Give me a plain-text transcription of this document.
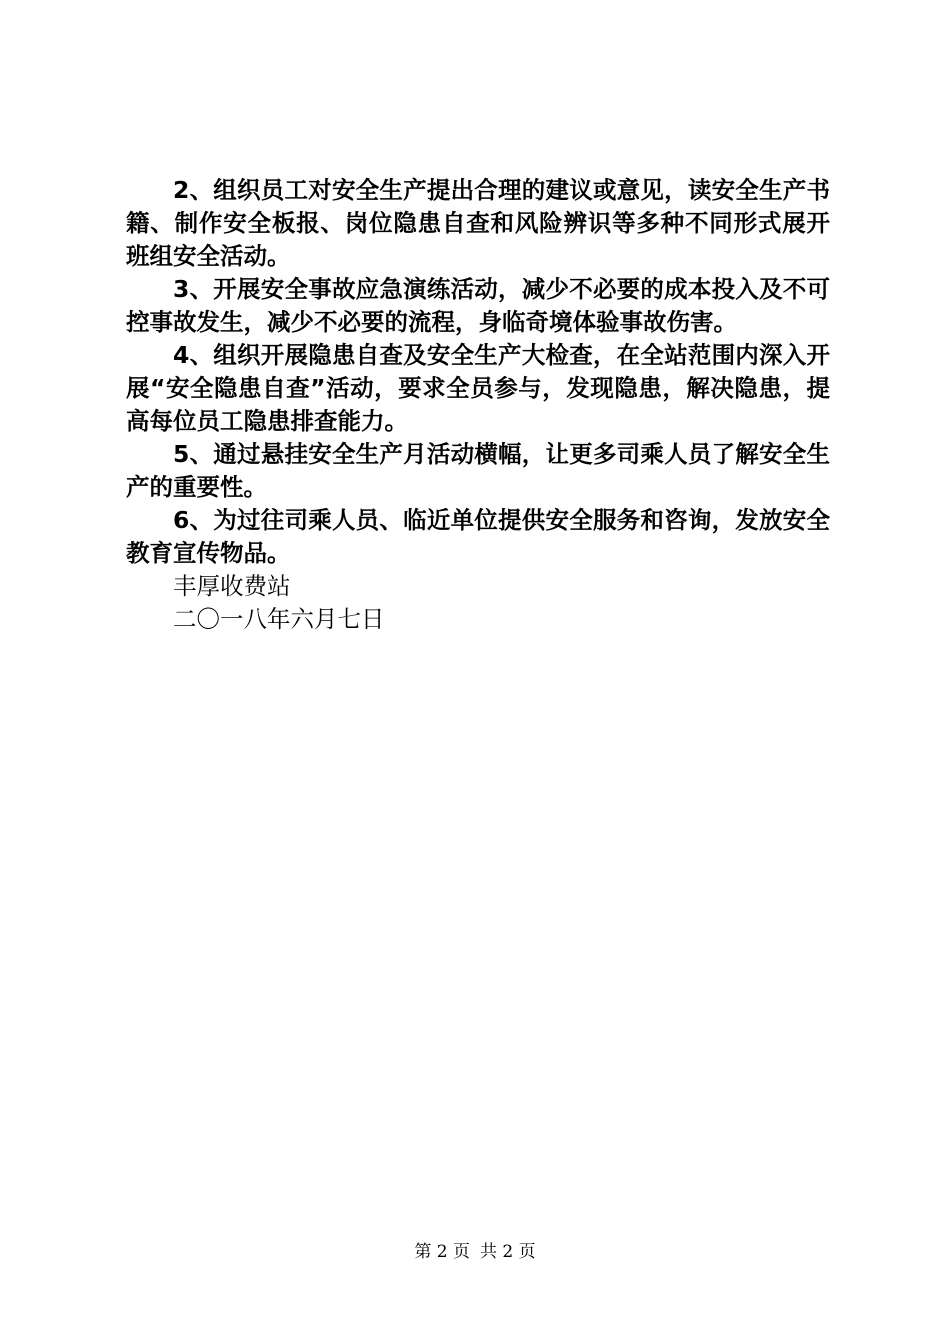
2、组织员工对安全生产提出合理的建议或意见，读安全生产书籍、制作安全板报、岗位隐患自查和风险辨识等多种不同形式展开班组安全活动。

3、开展安全事故应急演练活动，减少不必要的成本投入及不可控事故发生，减少不必要的流程，身临奇境体验事故伤害。

4、组织开展隐患自查及安全生产大检查，在全站范围内深入开展“安全隐患自查”活动，要求全员参与，发现隐患，解决隐患，提高每位员工隐患排查能力。

5、通过悬挂安全生产月活动横幅，让更多司乘人员了解安全生产的重要性。

6、为过往司乘人员、临近单位提供安全服务和咨询，发放安全教育宣传物品。

丰厚收费站

二〇一八年六月七日

第 2 页 共 2 页
